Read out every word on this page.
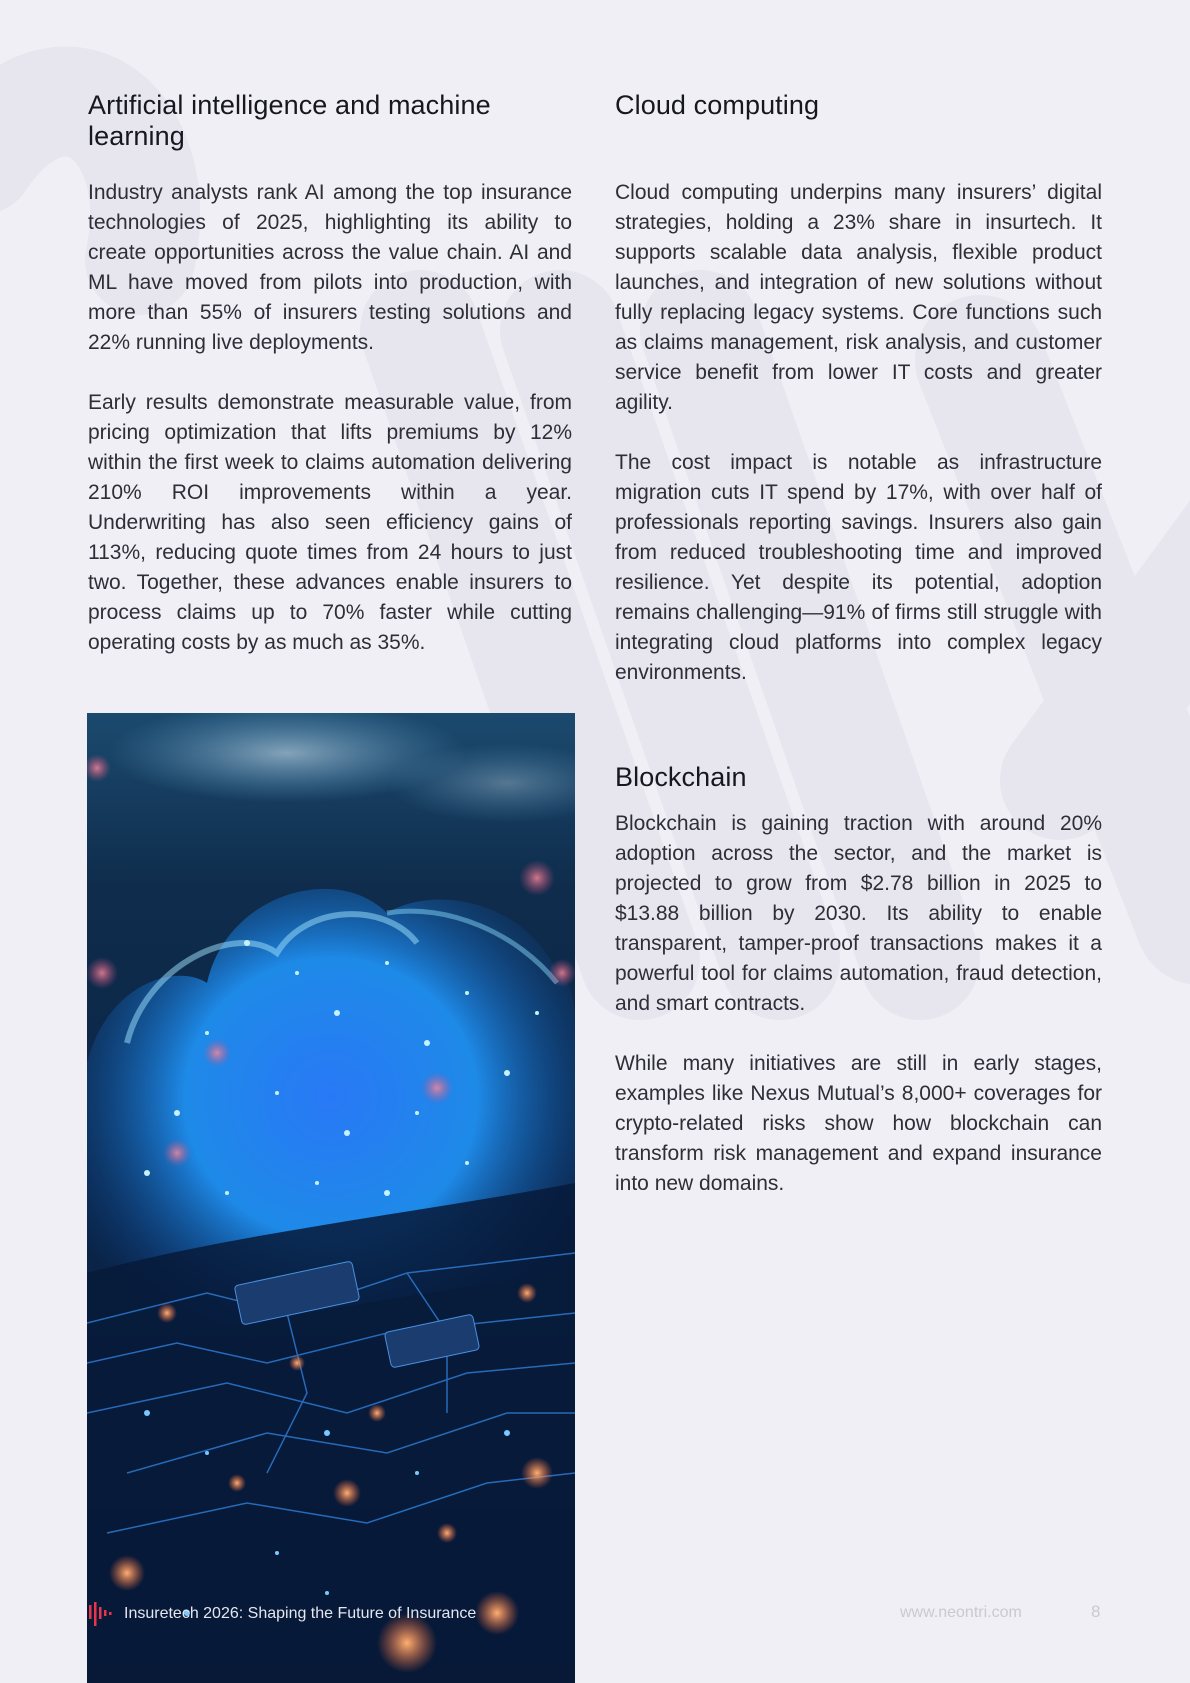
Artificial intelligence and machine learning

Industry analysts rank AI among the top insurance technologies of 2025, highlighting its ability to create opportunities across the value chain. AI and ML have moved from pilots into production, with more than 55% of insurers testing solutions and 22% running live deployments.

Early results demonstrate measurable value, from pricing optimization that lifts premiums by 12% within the first week to claims automation delivering 210% ROI improvements within a year. Underwriting has also seen efficiency gains of 113%, reducing quote times from 24 hours to just two. Together, these advances enable insurers to process claims up to 70% faster while cutting operating costs by as much as 35%.

Cloud computing

Cloud computing underpins many insurers’ digital strategies, holding a 23% share in insurtech. It supports scalable data analysis, flexible product launches, and integration of new solutions without fully replacing legacy systems. Core functions such as claims management, risk analysis, and customer service benefit from lower IT costs and greater agility.

The cost impact is notable as infrastructure migration cuts IT spend by 17%, with over half of professionals reporting savings. Insurers also gain from reduced troubleshooting time and improved resilience. Yet despite its potential, adoption remains challenging—91% of firms still struggle with integrating cloud platforms into complex legacy environments.

Blockchain

Blockchain is gaining traction with around 20% adoption across the sector, and the market is projected to grow from $2.78 billion in 2025 to $13.88 billion by 2030. Its ability to enable transparent, tamper-proof transactions makes it a powerful tool for claims automation, fraud detection, and smart contracts.

While many initiatives are still in early stages, examples like Nexus Mutual’s 8,000+ coverages for crypto-related risks show how blockchain can transform risk management and expand insurance into new domains.

Insuretech 2026: Shaping the Future of Insurance	www.neontri.com	8
